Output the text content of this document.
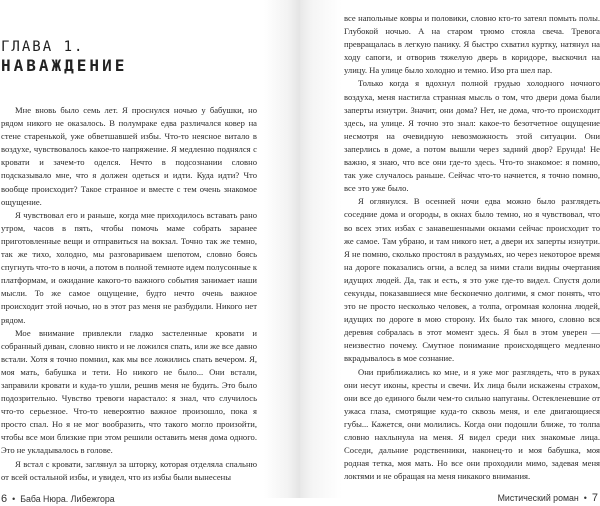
ГЛАВА 1.
НАВАЖДЕНИЕ

Мне вновь было семь лет. Я проснулся ночью у бабушки, но рядом никого не оказалось. В полумраке едва различался ковер на стене старенькой, уже обветшавшей избы. Что-то неясное витало в воздухе, чувствовалось какое-то напряжение. Я медленно поднялся с кровати и зачем-то оделся. Нечто в подсознании словно подсказывало мне, что я должен одеться и идти. Куда идти? Что вообще происходит? Такое странное и вместе с тем очень знакомое ощущение.

Я чувствовал его и раньше, когда мне приходилось вставать рано утром, часов в пять, чтобы помочь маме собрать заранее приготовленные вещи и отправиться на вокзал. Точно так же темно, так же тихо, холодно, мы разговариваем шепотом, словно боясь спугнуть что-то в ночи, а потом в полной темноте идем полусонные к платформам, и ожидание какого-то важного события занимает наши мысли. То же самое ощущение, будто нечто очень важное происходит этой ночью, но в этот раз меня не разбудили. Никого нет рядом.

Мое внимание привлекли гладко застеленные кровати и собранный диван, словно никто и не ложился спать, или же все давно встали. Хотя я точно помнил, как мы все ложились спать вечером. Я, моя мать, бабушка и тети. Но никого не было... Они встали, заправили кровати и куда-то ушли, решив меня не будить. Это было подозрительно. Чувство тревоги нарастало: я знал, что случилось что-то серьезное. Что-то невероятно важное произошло, пока я просто спал. Но я не мог вообразить, что такого могло произойти, чтобы все мои близкие при этом решили оставить меня дома одного. Это не укладывалось в голове.

Я встал с кровати, заглянул за шторку, которая отделяла спальню от всей остальной избы, и увидел, что из избы были вынесены

6 • Баба Нюра. Либежгора

все напольные ковры и половики, словно кто-то затеял помыть полы. Глубокой ночью. А на старом трюмо стояла свеча. Тревога превращалась в легкую панику. Я быстро схватил куртку, натянул на ходу сапоги, и отворив тяжелую дверь в коридоре, выскочил на улицу. На улице было холодно и темно. Изо рта шел пар.

Только когда я вдохнул полной грудью холодного ночного воздуха, меня настигла странная мысль о том, что двери дома были заперты изнутри. Значит, они дома? Нет, не дома, что-то происходит здесь, на улице. Я точно это знал: какое-то безотчетное ощущение несмотря на очевидную невозможность этой ситуации. Они заперлись в доме, а потом вышли через задний двор? Ерунда! Не важно, я знаю, что все они где-то здесь. Что-то знакомое: я помню, так уже случалось раньше. Сейчас что-то начнется, я точно помню, все это уже было.

Я оглянулся. В осенней ночи едва можно было разглядеть соседние дома и огороды, в окнах было темно, но я чувствовал, что во всех этих избах с занавешенными окнами сейчас происходит то же самое. Там убрано, и там никого нет, а двери их заперты изнутри. Я не помню, сколько простоял в раздумьях, но через некоторое время на дороге показались огни, а вслед за ними стали видны очертания идущих людей. Да, так и есть, я это уже где-то видел. Спустя доли секунды, показавшиеся мне бесконечно долгими, я смог понять, что это не просто несколько человек, а толпа, огромная колонна людей, идущих по дороге в мою сторону. Их было так много, словно вся деревня собралась в этот момент здесь. Я был в этом уверен — неизвестно почему. Смутное понимание происходящего медленно вкрадывалось в мое сознание.

Они приближались ко мне, и я уже мог разглядеть, что в руках они несут иконы, кресты и свечи. Их лица были искажены страхом, они все до единого были чем-то сильно напуганы. Остекленевшие от ужаса глаза, смотрящие куда-то сквозь меня, и еле двигающиеся губы... Кажется, они молились. Когда они подошли ближе, то толпа словно нахлынула на меня. Я видел среди них знакомые лица. Соседи, дальние родственники, наконец-то и моя бабушка, моя родная тетка, моя мать. Но все они проходили мимо, задевая меня локтями и не обращая на меня никакого внимания.

Мистический роман • 7
